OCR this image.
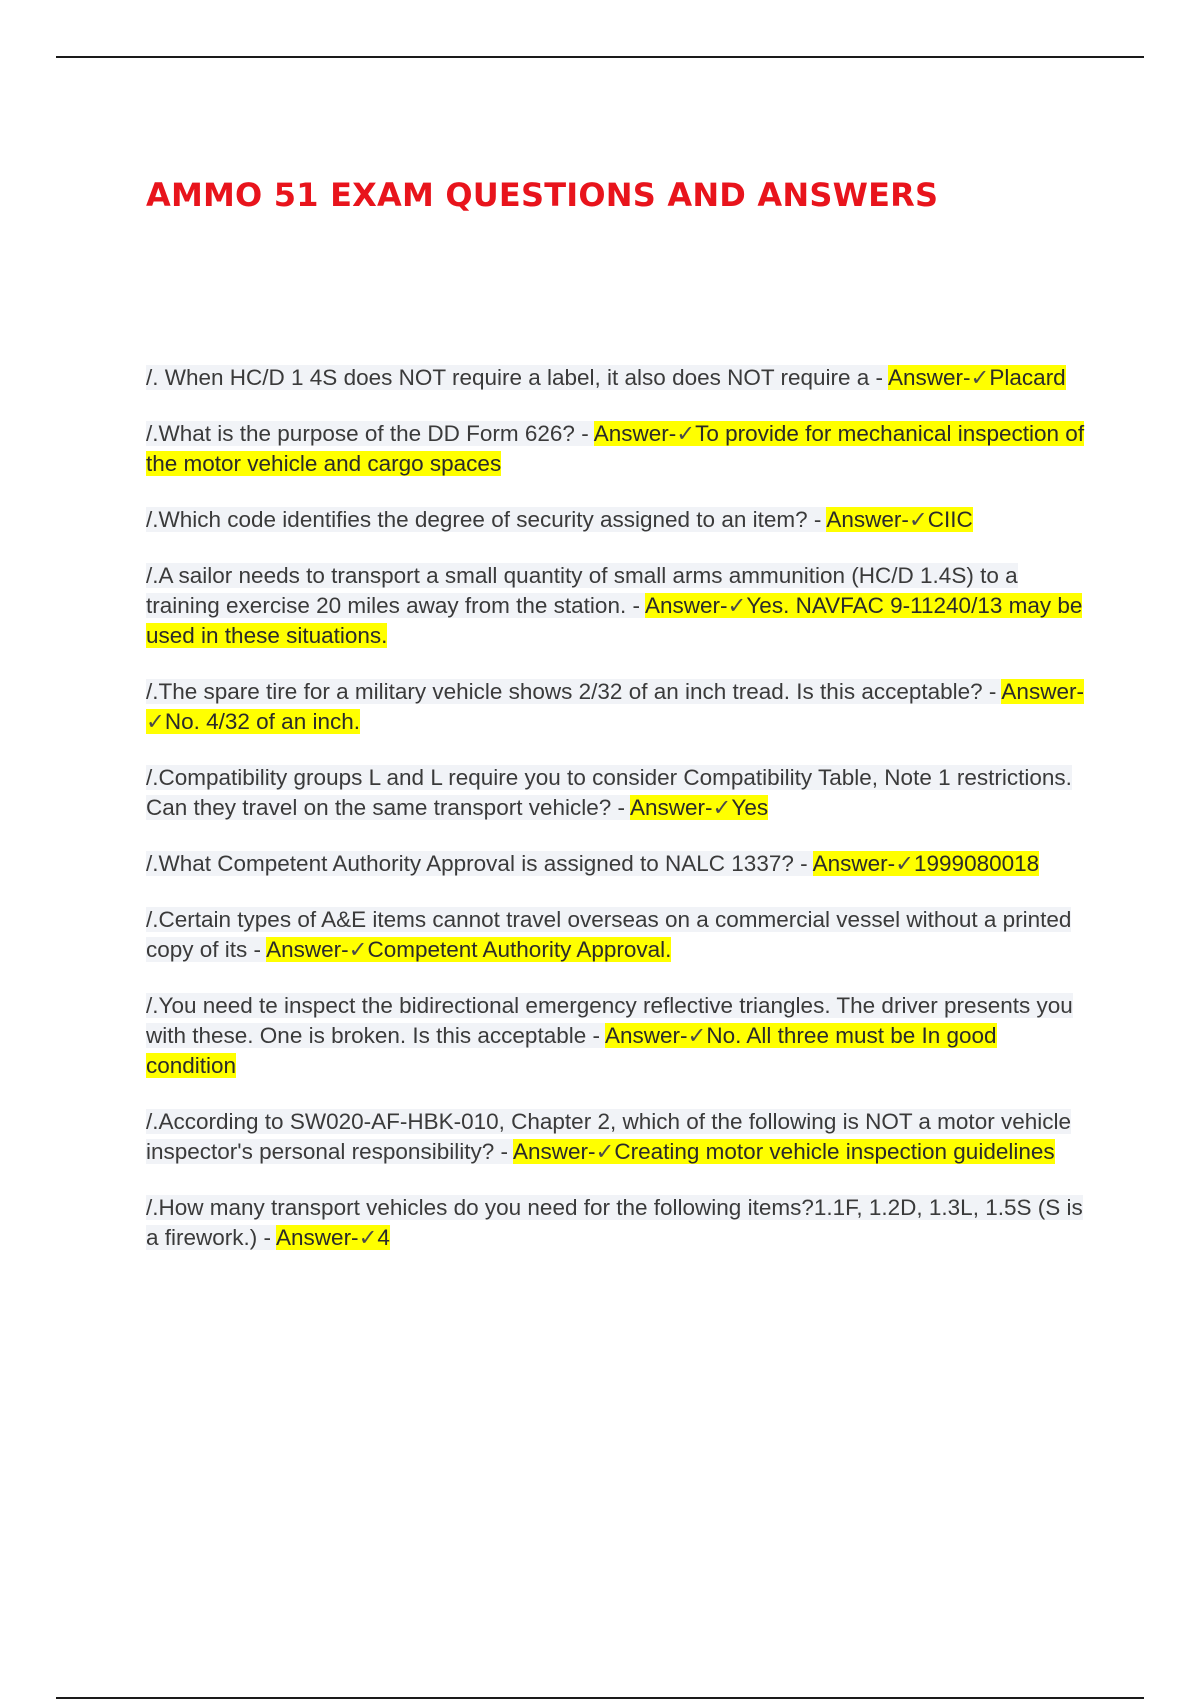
AMMO 51 EXAM QUESTIONS AND ANSWERS
/. When HC/D 1 4S does NOT require a label, it also does NOT require a - Answer-✓Placard
/.What is the purpose of the DD Form 626? - Answer-✓To provide for mechanical inspection of the motor vehicle and cargo spaces
/.Which code identifies the degree of security assigned to an item? - Answer-✓CIIC
/.A sailor needs to transport a small quantity of small arms ammunition (HC/D 1.4S) to a training exercise 20 miles away from the station. - Answer-✓Yes. NAVFAC 9-11240/13 may be used in these situations.
/.The spare tire for a military vehicle shows 2/32 of an inch tread. Is this acceptable? - Answer-✓No. 4/32 of an inch.
/.Compatibility groups L and L require you to consider Compatibility Table, Note 1 restrictions. Can they travel on the same transport vehicle? - Answer-✓Yes
/.What Competent Authority Approval is assigned to NALC 1337? - Answer-✓1999080018
/.Certain types of A&E items cannot travel overseas on a commercial vessel without a printed copy of its - Answer-✓Competent Authority Approval.
/.You need te inspect the bidirectional emergency reflective triangles. The driver presents you with these. One is broken. Is this acceptable - Answer-✓No. All three must be In good condition
/.According to SW020-AF-HBK-010, Chapter 2, which of the following is NOT a motor vehicle inspector's personal responsibility? - Answer-✓Creating motor vehicle inspection guidelines
/.How many transport vehicles do you need for the following items?1.1F, 1.2D, 1.3L, 1.5S (S is a firework.) - Answer-✓4
